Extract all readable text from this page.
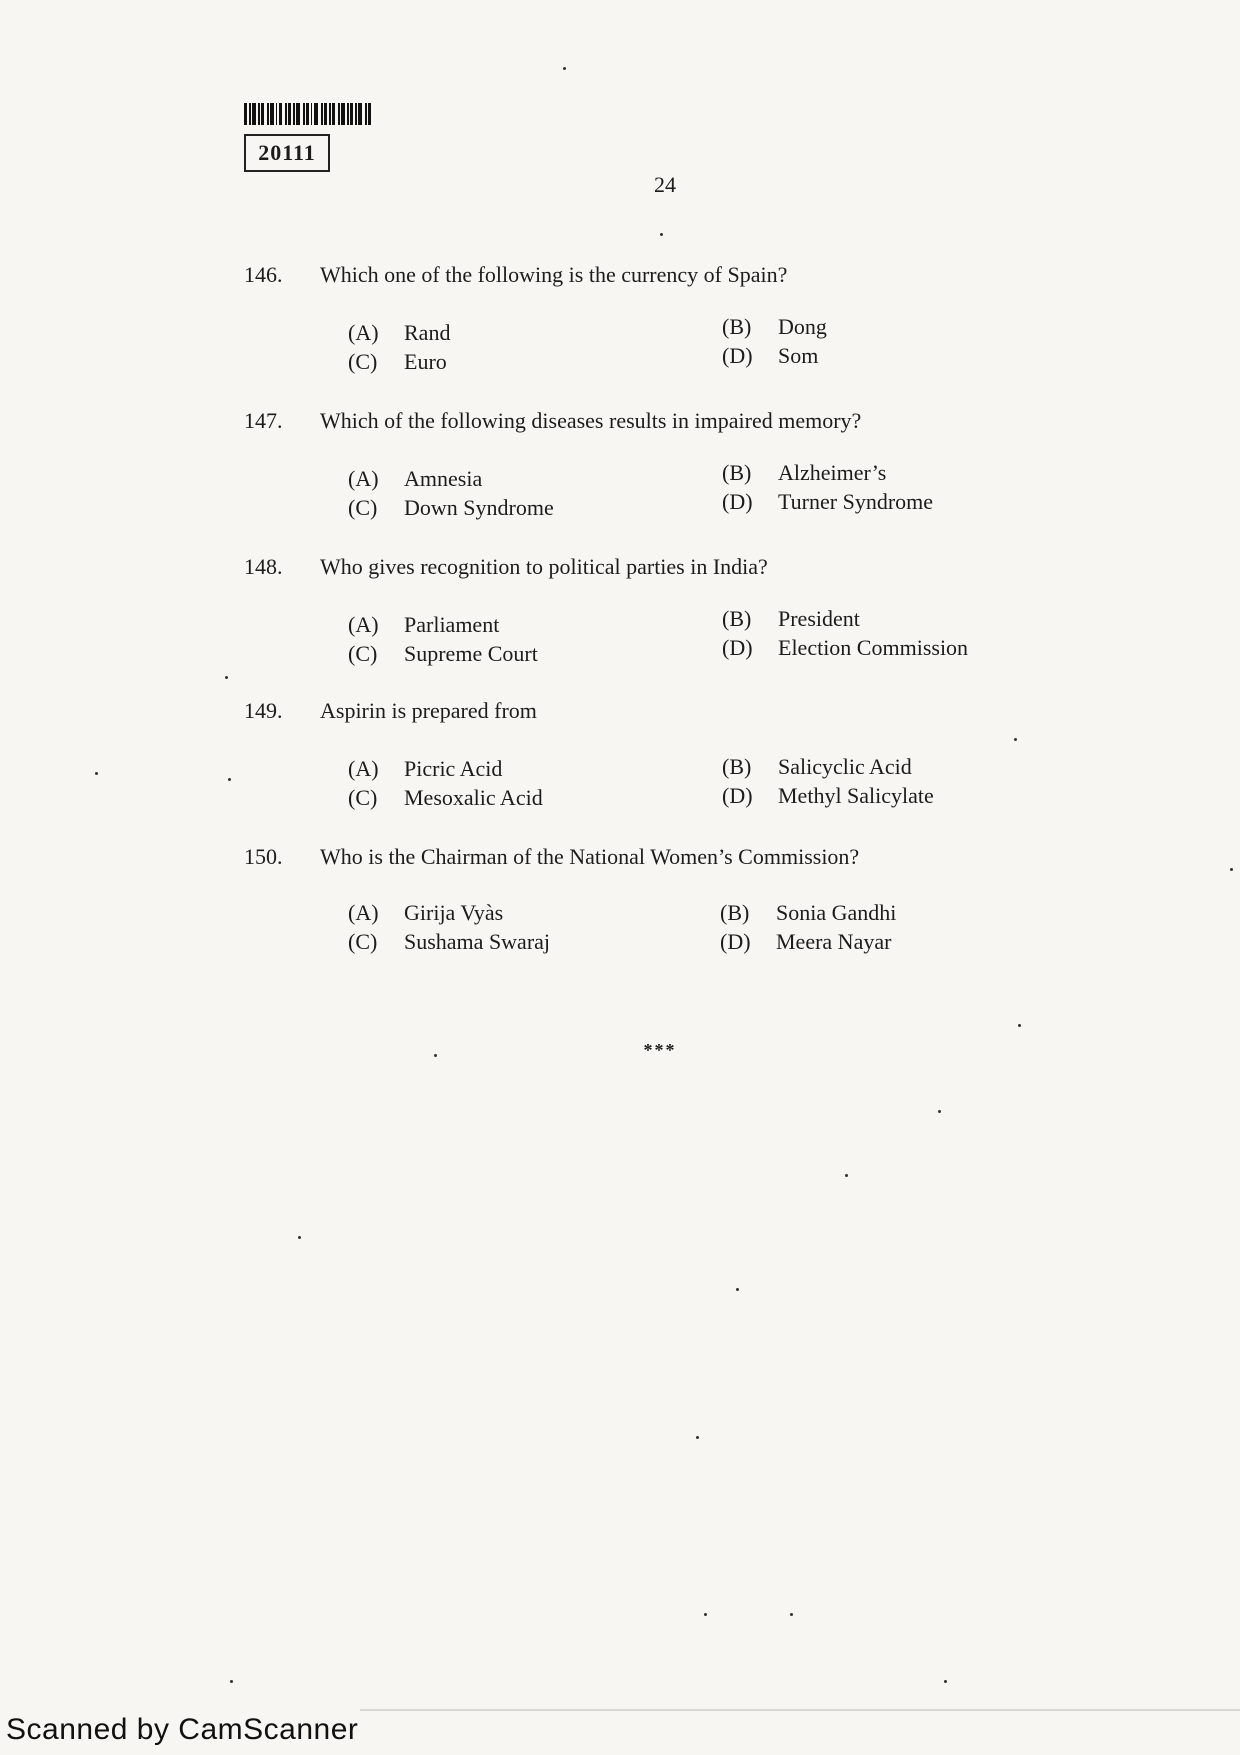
20111
24
146.	Which one of the following is the currency of Spain?
(A) Rand	(B) Dong
(C) Euro	(D) Som
147.	Which of the following diseases results in impaired memory?
(A) Amnesia	(B) Alzheimer’s
(C) Down Syndrome	(D) Turner Syndrome
148.	Who gives recognition to political parties in India?
(A) Parliament	(B) President
(C) Supreme Court	(D) Election Commission
149.	Aspirin is prepared from
(A) Picric Acid	(B) Salicyclic Acid
(C) Mesoxalic Acid	(D) Methyl Salicylate
150.	Who is the Chairman of the National Women’s Commission?
(A) Girija Vyàs	(B) Sonia Gandhi
(C) Sushama Swaraj	(D) Meera Nayar
***
Scanned by CamScanner
